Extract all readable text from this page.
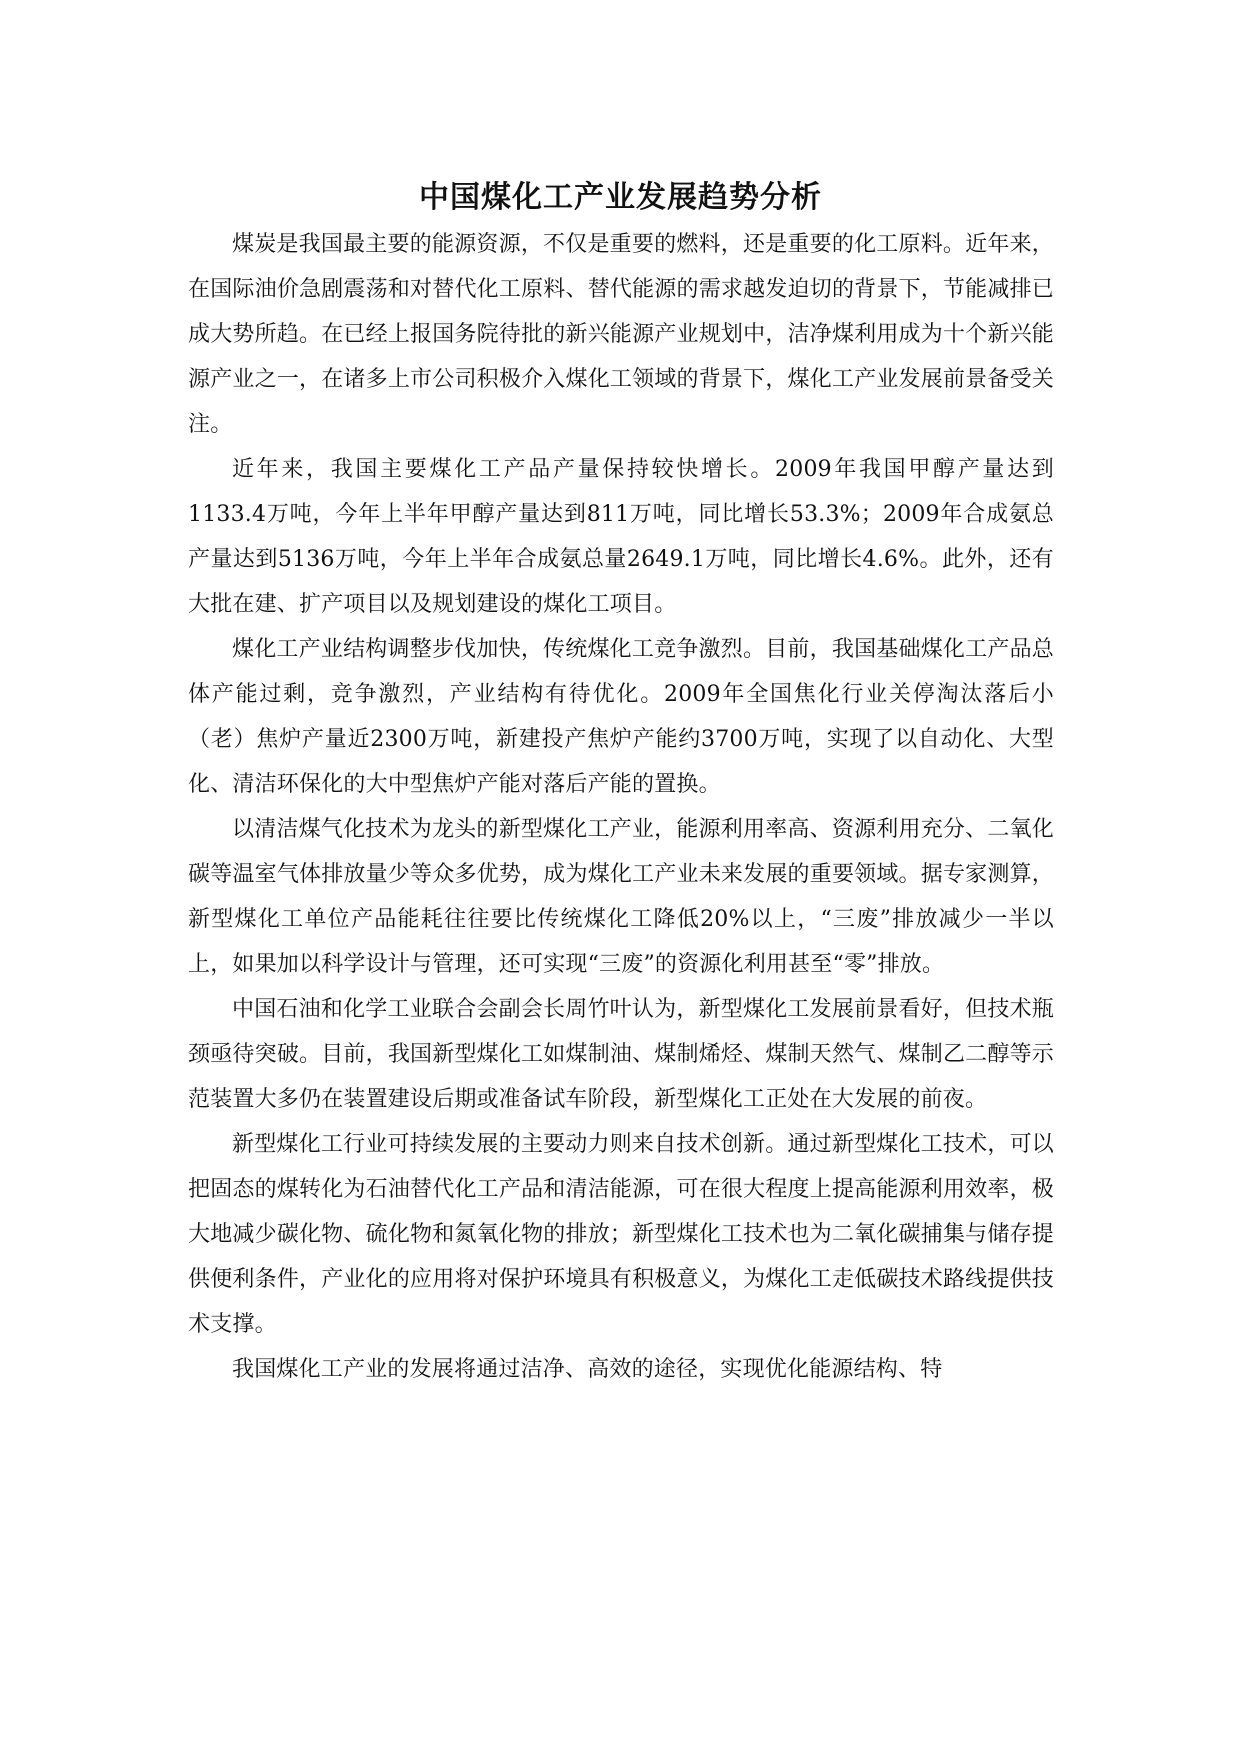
中国煤化工产业发展趋势分析

煤炭是我国最主要的能源资源，不仅是重要的燃料，还是重要的化工原料。近年来，在国际油价急剧震荡和对替代化工原料、替代能源的需求越发迫切的背景下，节能减排已成大势所趋。在已经上报国务院待批的新兴能源产业规划中，洁净煤利用成为十个新兴能源产业之一，在诸多上市公司积极介入煤化工领域的背景下，煤化工产业发展前景备受关注。

近年来，我国主要煤化工产品产量保持较快增长。2009年我国甲醇产量达到1133.4万吨，今年上半年甲醇产量达到811万吨，同比增长53.3%；2009年合成氨总产量达到5136万吨，今年上半年合成氨总量2649.1万吨，同比增长4.6%。此外，还有大批在建、扩产项目以及规划建设的煤化工项目。

煤化工产业结构调整步伐加快，传统煤化工竞争激烈。目前，我国基础煤化工产品总体产能过剩，竞争激烈，产业结构有待优化。2009年全国焦化行业关停淘汰落后小（老）焦炉产量近2300万吨，新建投产焦炉产能约3700万吨，实现了以自动化、大型化、清洁环保化的大中型焦炉产能对落后产能的置换。

以清洁煤气化技术为龙头的新型煤化工产业，能源利用率高、资源利用充分、二氧化碳等温室气体排放量少等众多优势，成为煤化工产业未来发展的重要领域。据专家测算，新型煤化工单位产品能耗往往要比传统煤化工降低20%以上，“三废”排放减少一半以上，如果加以科学设计与管理，还可实现“三废”的资源化利用甚至“零”排放。

中国石油和化学工业联合会副会长周竹叶认为，新型煤化工发展前景看好，但技术瓶颈亟待突破。目前，我国新型煤化工如煤制油、煤制烯烃、煤制天然气、煤制乙二醇等示范装置大多仍在装置建设后期或准备试车阶段，新型煤化工正处在大发展的前夜。

新型煤化工行业可持续发展的主要动力则来自技术创新。通过新型煤化工技术，可以把固态的煤转化为石油替代化工产品和清洁能源，可在很大程度上提高能源利用效率，极大地减少碳化物、硫化物和氮氧化物的排放；新型煤化工技术也为二氧化碳捕集与储存提供便利条件，产业化的应用将对保护环境具有积极意义，为煤化工走低碳技术路线提供技术支撑。

我国煤化工产业的发展将通过洁净、高效的途径，实现优化能源结构、特
